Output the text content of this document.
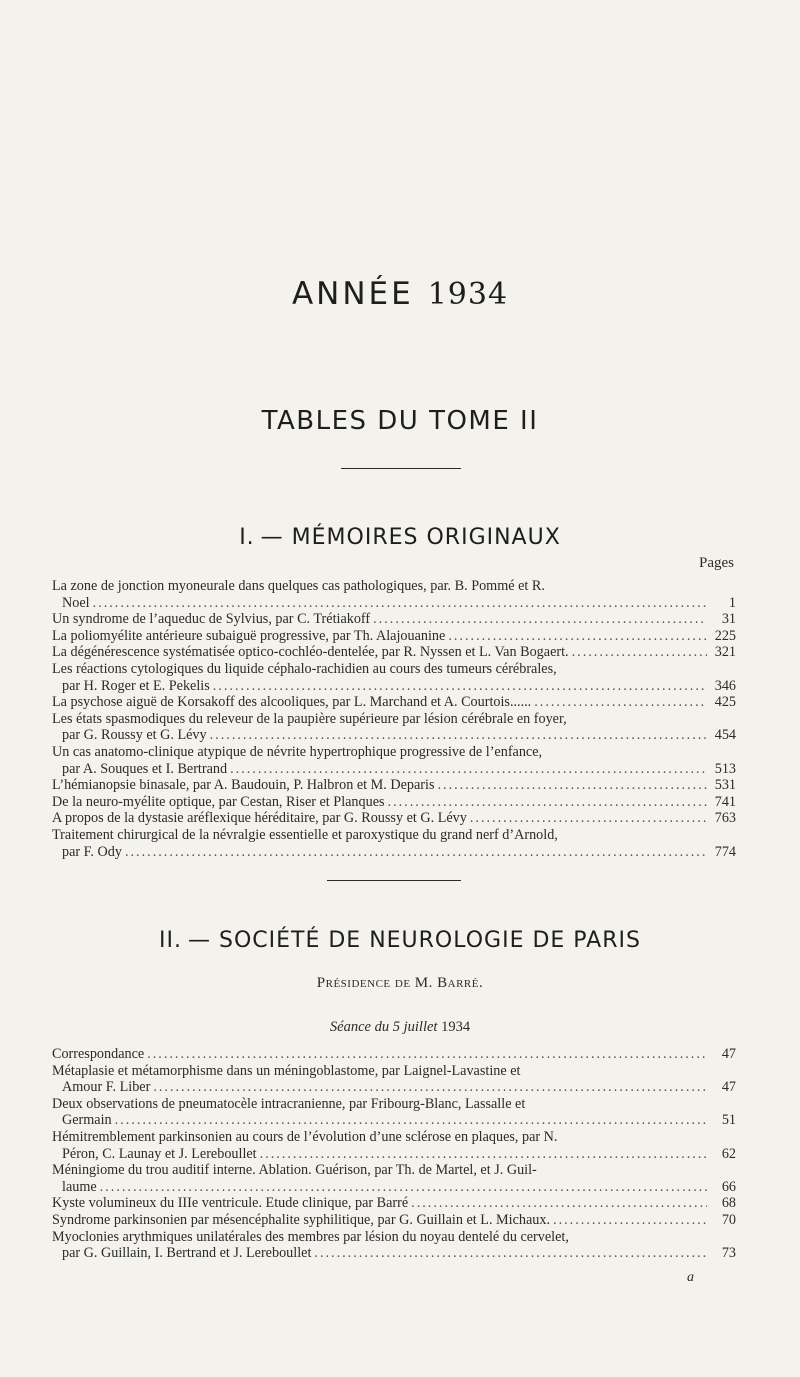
ANNÉE 1934
TABLES DU TOME II
I. — MÉMOIRES ORIGINAUX
Pages
La zone de jonction myoneurale dans quelques cas pathologiques, par. B. Pommé et R.
Noel .....	1
Un syndrome de l’aqueduc de Sylvius, par C. Trétiakoff .....	31
La poliomyélite antérieure subaiguë progressive, par Th. Alajouanine .....	225
La dégénérescence systématisée optico-cochléo-dentelée, par R. Nyssen et L. Van Bogaert. .....	321
Les réactions cytologiques du liquide céphalo-rachidien au cours des tumeurs cérébrales,
par H. Roger et E. Pekelis .....	346
La psychose aiguë de Korsakoff des alcooliques, par L. Marchand et A. Courtois...... .....	425
Les états spasmodiques du releveur de la paupière supérieure par lésion cérébrale en foyer,
par G. Roussy et G. Lévy .....	454
Un cas anatomo-clinique atypique de névrite hypertrophique progressive de l’enfance,
par A. Souques et I. Bertrand .....	513
L’hémianopsie binasale, par A. Baudouin, P. Halbron et M. Deparis .....	531
De la neuro-myélite optique, par Cestan, Riser et Planques .....	741
A propos de la dystasie aréflexique héréditaire, par G. Roussy et G. Lévy .....	763
Traitement chirurgical de la névralgie essentielle et paroxystique du grand nerf d’Arnold,
par F. Ody .....	774
II. — SOCIÉTÉ DE NEUROLOGIE DE PARIS
Présidence de M. Barré.
Séance du 5 juillet 1934
Correspondance .....	47
Métaplasie et métamorphisme dans un méningoblastome, par Laignel-Lavastine et
Amour F. Liber .....	47
Deux observations de pneumatocèle intracranienne, par Fribourg-Blanc, Lassalle et
Germain .....	51
Hémitremblement parkinsonien au cours de l’évolution d’une sclérose en plaques, par N.
Péron, C. Launay et J. Lereboullet .....	62
Méningiome du trou auditif interne. Ablation. Guérison, par Th. de Martel, et J. Guil-
laume .....	66
Kyste volumineux du IIIe ventricule. Etude clinique, par Barré .....	68
Syndrome parkinsonien par mésencéphalite syphilitique, par G. Guillain et L. Michaux. .....	70
Myoclonies arythmiques unilatérales des membres par lésion du noyau dentelé du cervelet,
par G. Guillain, I. Bertrand et J. Lereboullet .....	73
a
